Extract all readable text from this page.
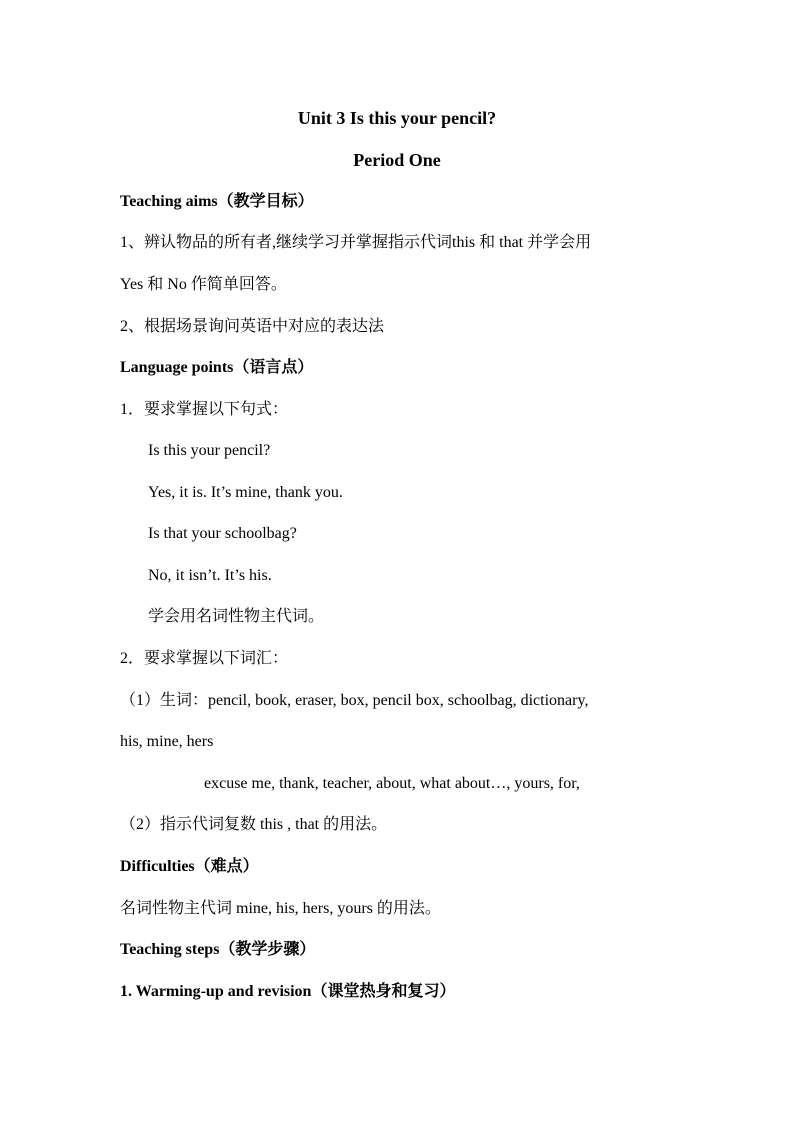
Unit 3 Is this your pencil?
Period One
Teaching aims（教学目标）
1、辨认物品的所有者,继续学习并掌握指示代词this 和 that 并学会用
Yes 和 No 作简单回答。
2、根据场景询问英语中对应的表达法
Language points（语言点）
1．要求掌握以下句式：
Is this your pencil?
Yes, it is. It’s mine, thank you.
Is that your schoolbag?
No, it isn’t. It’s his.
学会用名词性物主代词。
2．要求掌握以下词汇：
（1）生词：pencil, book, eraser, box, pencil box, schoolbag, dictionary,
his, mine, hers
excuse me, thank, teacher, about, what about…, yours, for,
（2）指示代词复数 this , that 的用法。
Difficulties（难点）
名词性物主代词 mine, his, hers, yours 的用法。
Teaching steps（教学步骤）
1. Warming-up and revision（课堂热身和复习）
